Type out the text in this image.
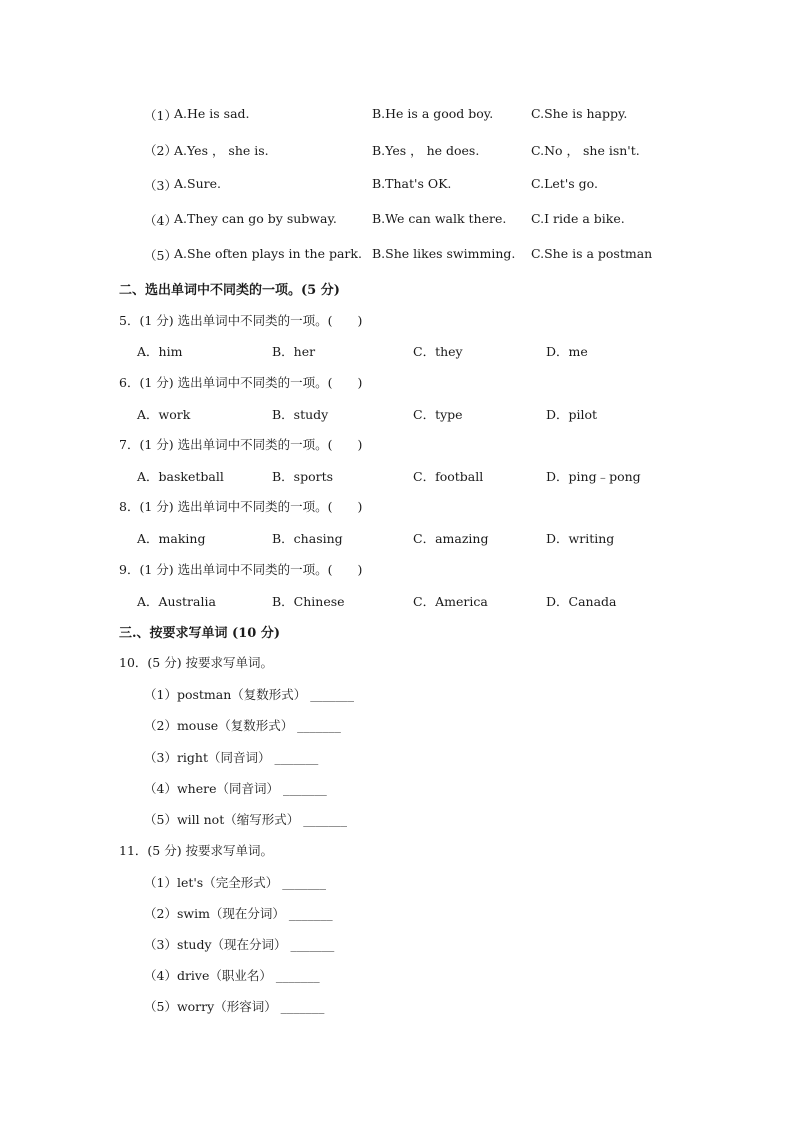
（1）
A.He is sad.	B.He is a good boy.	C.She is happy.
（2）
A.Yes ， she is.	B.Yes ， he does.	C.No ， she isn't.
（3）
A.Sure.	B.That's OK.	C.Let's go.
（4）
A.They can go by subway.	B.We can walk there. C.I ride a bike.
（5）
A.She often plays in the park. B.She likes swimming. C.She is a postman
二、选出单词中不同类的一项。(5 分)
5．(1 分) 选出单词中不同类的一项。(　　)
A．him	B．her	C．they	D．me
6．(1 分) 选出单词中不同类的一项。(　　)
A．work	B．study	C．type	D．pilot
7．(1 分) 选出单词中不同类的一项。(　　)
A．basketball	B．sports	C．football	D．ping﹣pong
8．(1 分) 选出单词中不同类的一项。(　　)
A．making	B．chasing	C．amazing	D．writing
9．(1 分) 选出单词中不同类的一项。(　　)
A．Australia	B．Chinese	C．America	D．Canada
三.、按要求写单词 (10 分)
10．(5 分) 按要求写单词。
（1）postman（复数形式） _______
（2）mouse（复数形式） _______
（3）right（同音词） _______
（4）where（同音词） _______
（5）will not（缩写形式） _______
11．(5 分) 按要求写单词。
（1）let's（完全形式） _______
（2）swim（现在分词） _______
（3）study（现在分词） _______
（4）drive（职业名） _______
（5）worry（形容词） _______
